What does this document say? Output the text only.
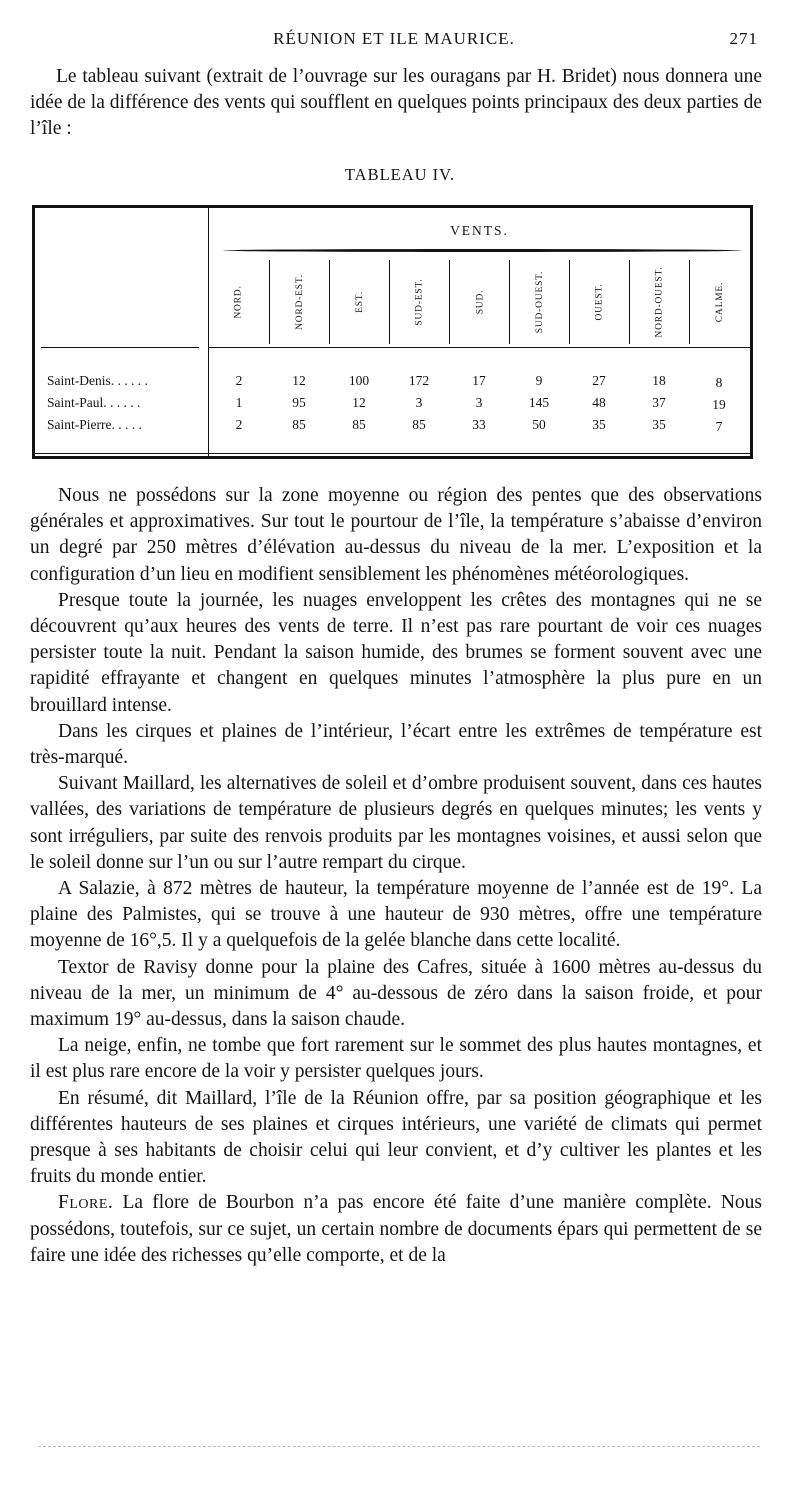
RÉUNION ET ILE MAURICE.	271

Le tableau suivant (extrait de l’ouvrage sur les ouragans par H. Bridet) nous donnera une idée de la différence des vents qui soufflent en quelques points principaux des deux parties de l’île :

TABLEAU IV.
VENTS.
NORD.	NORD-EST.	EST.	SUD-EST.	SUD.	SUD-OUEST.	OUEST.	NORD-OUEST.	CALME.
Saint-Denis. . . . . .	2	12	100	172	17	9	27	18	8
Saint-Paul. . . . . .	1	95	12	3	3	145	48	37	19
Saint-Pierre. . . . .	2	85	85	85	33	50	35	35	7

Nous ne possédons sur la zone moyenne ou région des pentes que des observations générales et approximatives. Sur tout le pourtour de l’île, la température s’abaisse d’environ un degré par 250 mètres d’élévation au-dessus du niveau de la mer. L’exposition et la configuration d’un lieu en modifient sensiblement les phénomènes météorologiques.

Presque toute la journée, les nuages enveloppent les crêtes des montagnes qui ne se découvrent qu’aux heures des vents de terre. Il n’est pas rare pourtant de voir ces nuages persister toute la nuit. Pendant la saison humide, des brumes se forment souvent avec une rapidité effrayante et changent en quelques minutes l’atmosphère la plus pure en un brouillard intense.

Dans les cirques et plaines de l’intérieur, l’écart entre les extrêmes de température est très-marqué.

Suivant Maillard, les alternatives de soleil et d’ombre produisent souvent, dans ces hautes vallées, des variations de température de plusieurs degrés en quelques minutes; les vents y sont irréguliers, par suite des renvois produits par les montagnes voisines, et aussi selon que le soleil donne sur l’un ou sur l’autre rempart du cirque.

A Salazie, à 872 mètres de hauteur, la température moyenne de l’année est de 19°. La plaine des Palmistes, qui se trouve à une hauteur de 930 mètres, offre une température moyenne de 16°,5. Il y a quelquefois de la gelée blanche dans cette localité.

Textor de Ravisy donne pour la plaine des Cafres, située à 1600 mètres au-dessus du niveau de la mer, un minimum de 4° au-dessous de zéro dans la saison froide, et pour maximum 19° au-dessus, dans la saison chaude.

La neige, enfin, ne tombe que fort rarement sur le sommet des plus hautes montagnes, et il est plus rare encore de la voir y persister quelques jours.

En résumé, dit Maillard, l’île de la Réunion offre, par sa position géographique et les différentes hauteurs de ses plaines et cirques intérieurs, une variété de climats qui permet presque à ses habitants de choisir celui qui leur convient, et d’y cultiver les plantes et les fruits du monde entier.

Flore. La flore de Bourbon n’a pas encore été faite d’une manière complète. Nous possédons, toutefois, sur ce sujet, un certain nombre de documents épars qui permettent de se faire une idée des richesses qu’elle comporte, et de la
